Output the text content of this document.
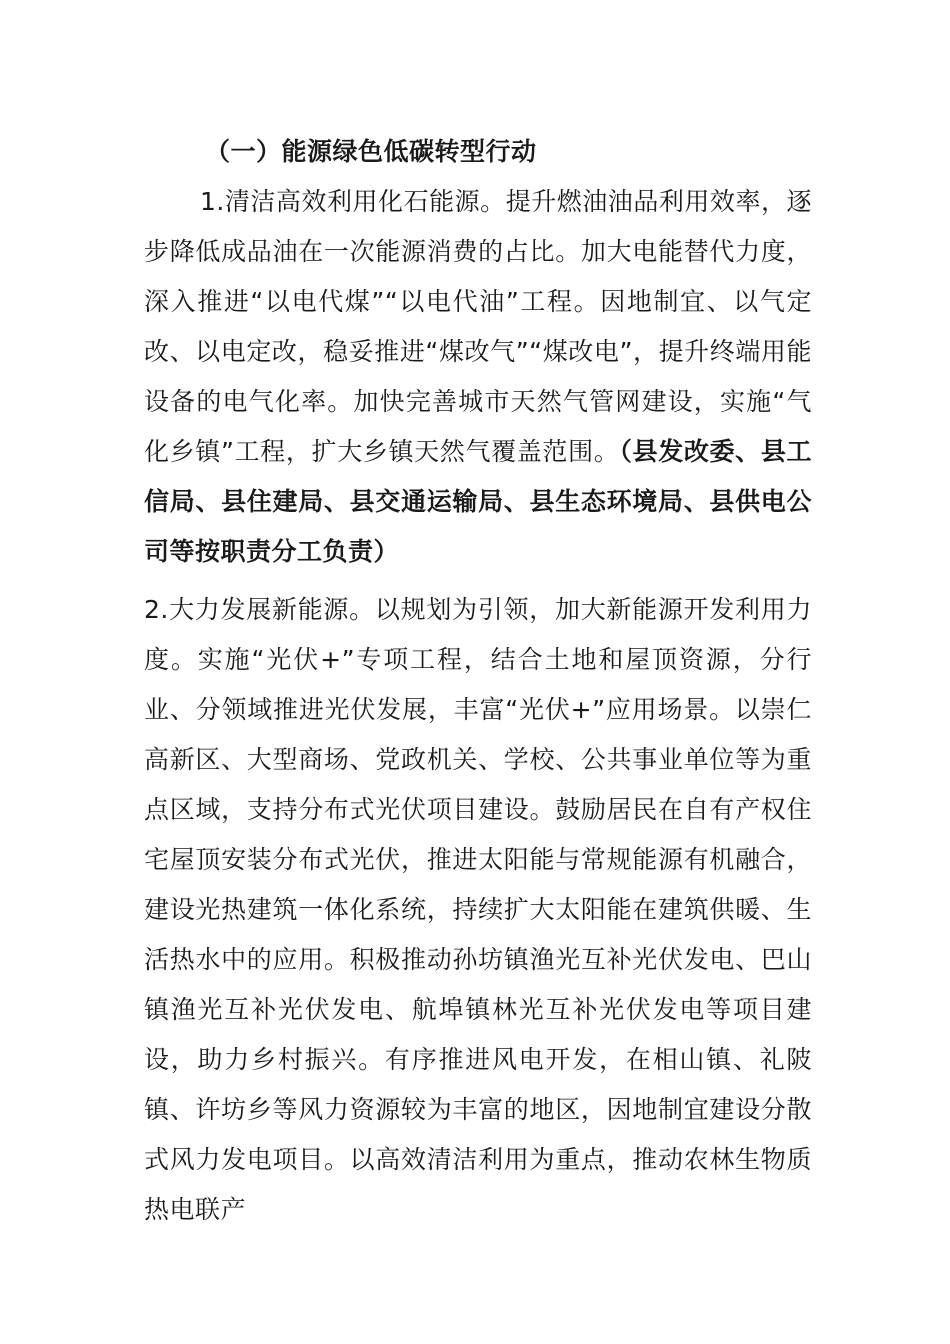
（一）能源绿色低碳转型行动
1.清洁高效利用化石能源。提升燃油油品利用效率，逐步降低成品油在一次能源消费的占比。加大电能替代力度，深入推进“以电代煤”“以电代油”工程。因地制宜、以气定改、以电定改，稳妥推进“煤改气”“煤改电”，提升终端用能设备的电气化率。加快完善城市天然气管网建设，实施“气化乡镇”工程，扩大乡镇天然气覆盖范围。（县发改委、县工信局、县住建局、县交通运输局、县生态环境局、县供电公司等按职责分工负责）
2.大力发展新能源。以规划为引领，加大新能源开发利用力度。实施“光伏+”专项工程，结合土地和屋顶资源，分行业、分领域推进光伏发展，丰富“光伏+”应用场景。以崇仁高新区、大型商场、党政机关、学校、公共事业单位等为重点区域，支持分布式光伏项目建设。鼓励居民在自有产权住宅屋顶安装分布式光伏，推进太阳能与常规能源有机融合，建设光热建筑一体化系统，持续扩大太阳能在建筑供暖、生活热水中的应用。积极推动孙坊镇渔光互补光伏发电、巴山镇渔光互补光伏发电、航埠镇林光互补光伏发电等项目建设，助力乡村振兴。有序推进风电开发，在相山镇、礼陂镇、许坊乡等风力资源较为丰富的地区，因地制宜建设分散式风力发电项目。以高效清洁利用为重点，推动农林生物质热电联产
